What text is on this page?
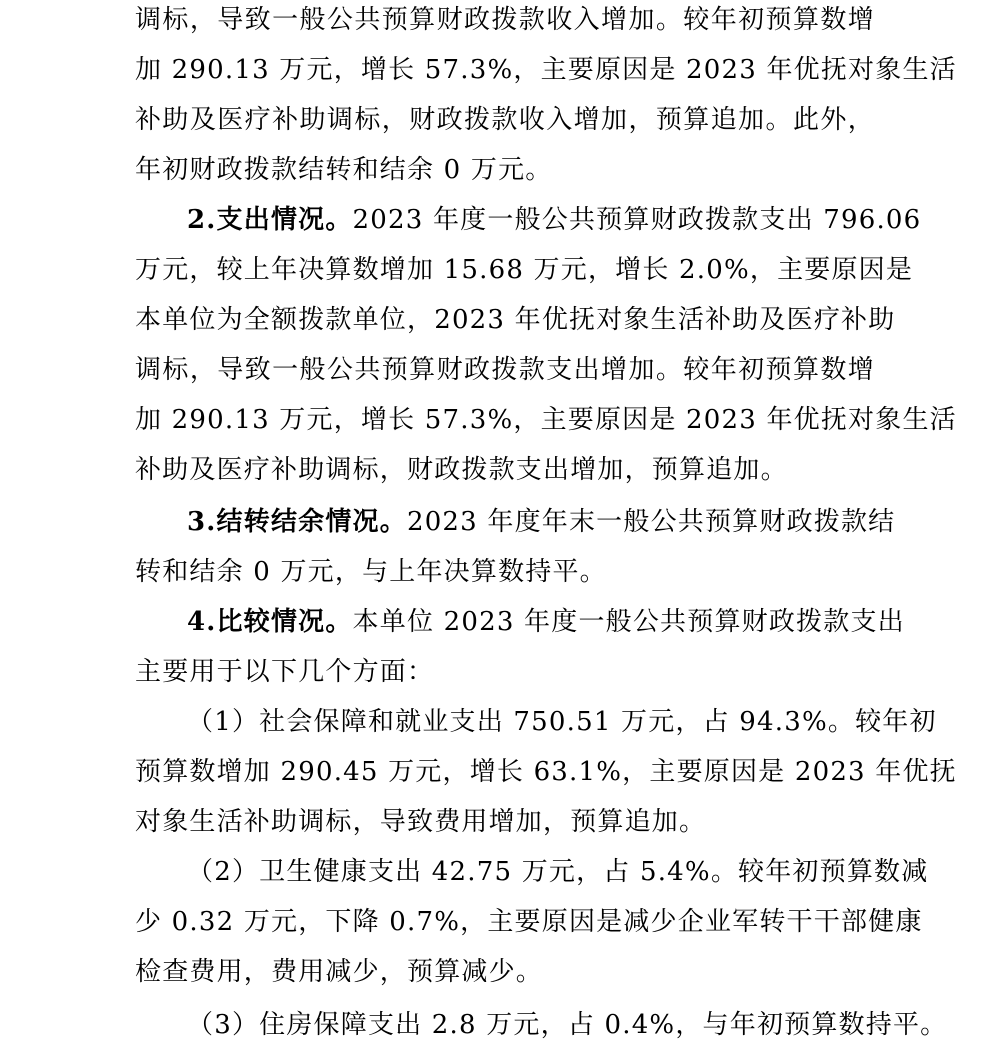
调标，导致一般公共预算财政拨款收入增加。较年初预算数增
加 290.13 万元，增长 57.3%，主要原因是 2023 年优抚对象生活
补助及医疗补助调标，财政拨款收入增加，预算追加。此外，
年初财政拨款结转和结余 0 万元。
2.支出情况。2023 年度一般公共预算财政拨款支出 796.06
万元，较上年决算数增加 15.68 万元，增长 2.0%，主要原因是
本单位为全额拨款单位，2023 年优抚对象生活补助及医疗补助
调标，导致一般公共预算财政拨款支出增加。较年初预算数增
加 290.13 万元，增长 57.3%，主要原因是 2023 年优抚对象生活
补助及医疗补助调标，财政拨款支出增加，预算追加。
3.结转结余情况。2023 年度年末一般公共预算财政拨款结
转和结余 0 万元，与上年决算数持平。
4.比较情况。本单位 2023 年度一般公共预算财政拨款支出
主要用于以下几个方面：
（1）社会保障和就业支出 750.51 万元，占 94.3%。较年初
预算数增加 290.45 万元，增长 63.1%，主要原因是 2023 年优抚
对象生活补助调标，导致费用增加，预算追加。
（2）卫生健康支出 42.75 万元，占 5.4%。较年初预算数减
少 0.32 万元，下降 0.7%，主要原因是减少企业军转干干部健康
检查费用，费用减少，预算减少。
（3）住房保障支出 2.8 万元，占 0.4%，与年初预算数持平。
